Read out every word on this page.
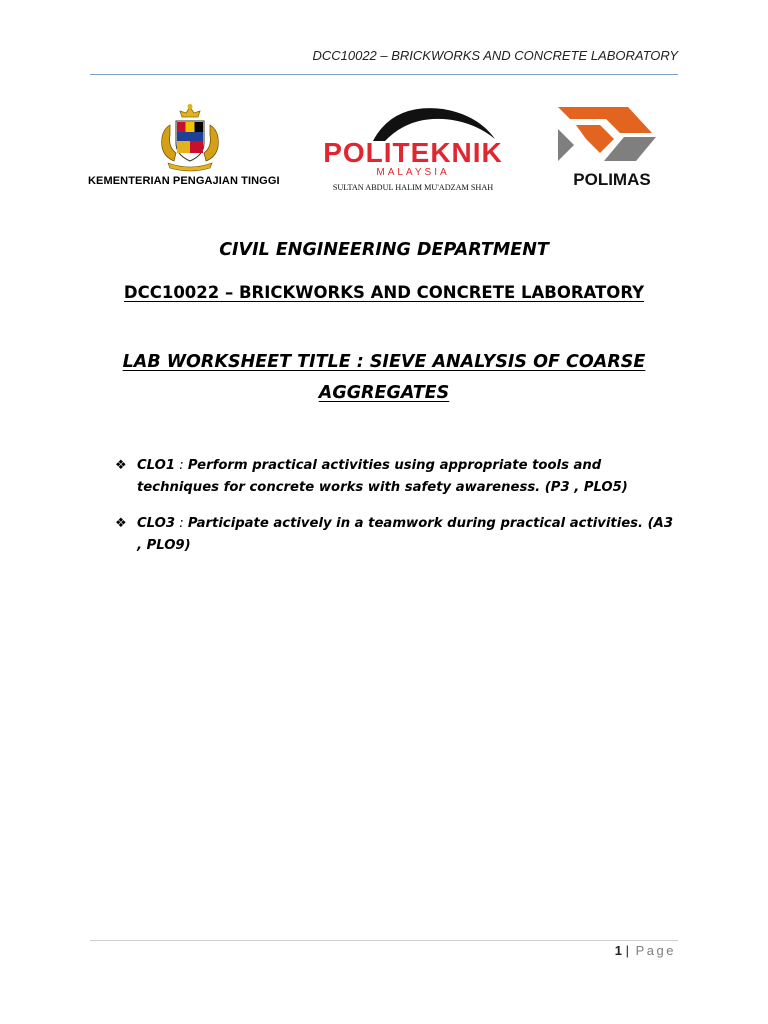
DCC10022 – BRICKWORKS AND CONCRETE LABORATORY
KEMENTERIAN PENGAJIAN TINGGI
POLITEKNIK
MALAYSIA
SULTAN ABDUL HALIM MU'ADZAM SHAH	POLIMAS
CIVIL ENGINEERING DEPARTMENT
DCC10022 – BRICKWORKS AND CONCRETE LABORATORY
LAB WORKSHEET TITLE : SIEVE ANALYSIS OF COARSE
AGGREGATES
❖ CLO1 : Perform practical activities using appropriate tools and techniques for concrete works with safety awareness. (P3 , PLO5)
❖ CLO3 : Participate actively in a teamwork during practical activities. (A3 , PLO9)
1 | Page
